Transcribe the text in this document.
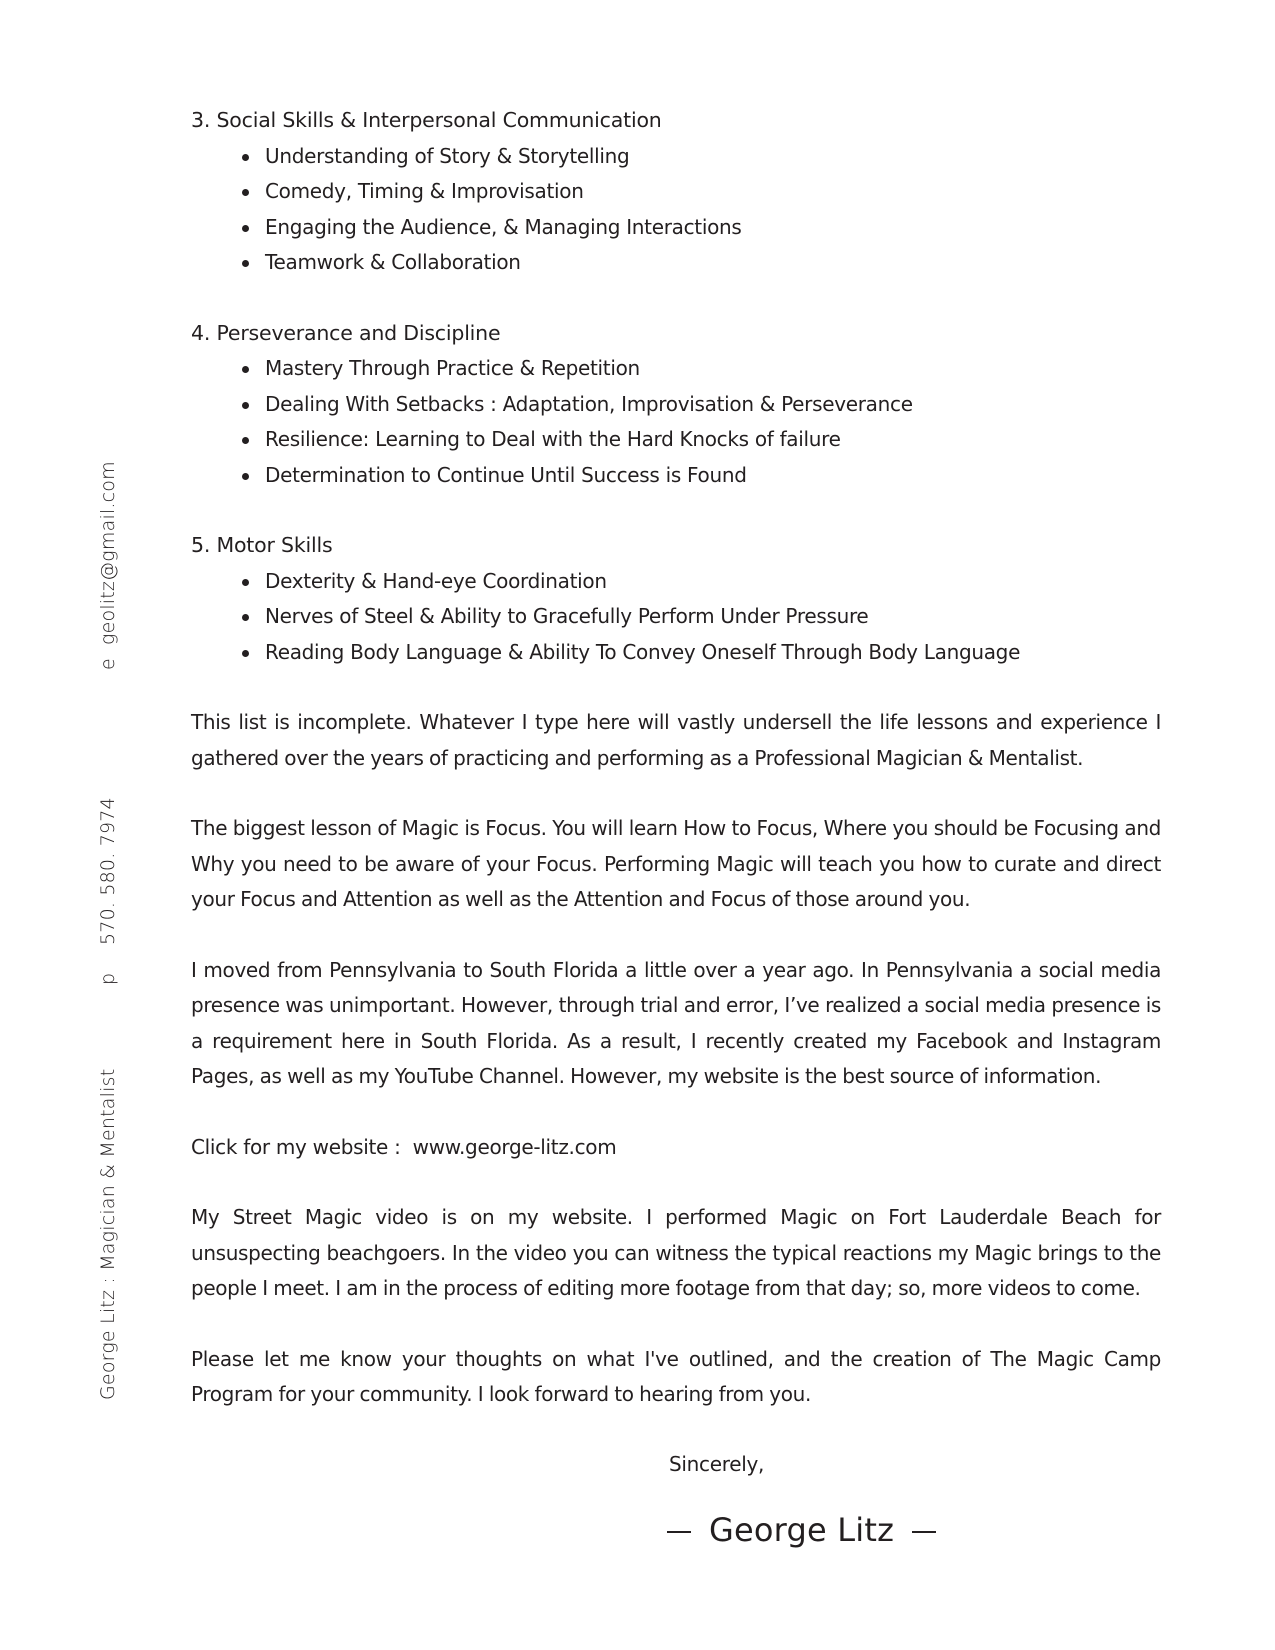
George Litz : Magician & Mentalist
p
570. 580. 7974
e
geolitz@gmail.com
3. Social Skills & Interpersonal Communication
Understanding of Story & Storytelling
Comedy, Timing & Improvisation
Engaging the Audience, & Managing Interactions
Teamwork & Collaboration
4. Perseverance and Discipline
Mastery Through Practice & Repetition
Dealing With Setbacks : Adaptation, Improvisation & Perseverance
Resilience: Learning to Deal with the Hard Knocks of failure
Determination to Continue Until Success is Found
5. Motor Skills
Dexterity & Hand-eye Coordination
Nerves of Steel & Ability to Gracefully Perform Under Pressure
Reading Body Language & Ability To Convey Oneself Through Body Language

This list is incomplete. Whatever I type here will vastly undersell the life lessons and experience I gathered over the years of practicing and performing as a Professional Magician & Mentalist.

The biggest lesson of Magic is Focus. You will learn How to Focus, Where you should be Focusing and Why you need to be aware of your Focus. Performing Magic will teach you how to curate and direct your Focus and Attention as well as the Attention and Focus of those around you.

I moved from Pennsylvania to South Florida a little over a year ago. In Pennsylvania a social media presence was unimportant. However, through trial and error, I’ve realized a social media presence is a requirement here in South Florida. As a result, I recently created my Facebook and Instagram Pages, as well as my YouTube Channel. However, my website is the best source of information.

Click for my website : www.george-litz.com

My Street Magic video is on my website. I performed Magic on Fort Lauderdale Beach for unsuspecting beachgoers. In the video you can witness the typical reactions my Magic brings to the people I meet. I am in the process of editing more footage from that day; so, more videos to come.

Please let me know your thoughts on what I've outlined, and the creation of The Magic Camp Program for your community. I look forward to hearing from you.

Sincerely,
George Litz
